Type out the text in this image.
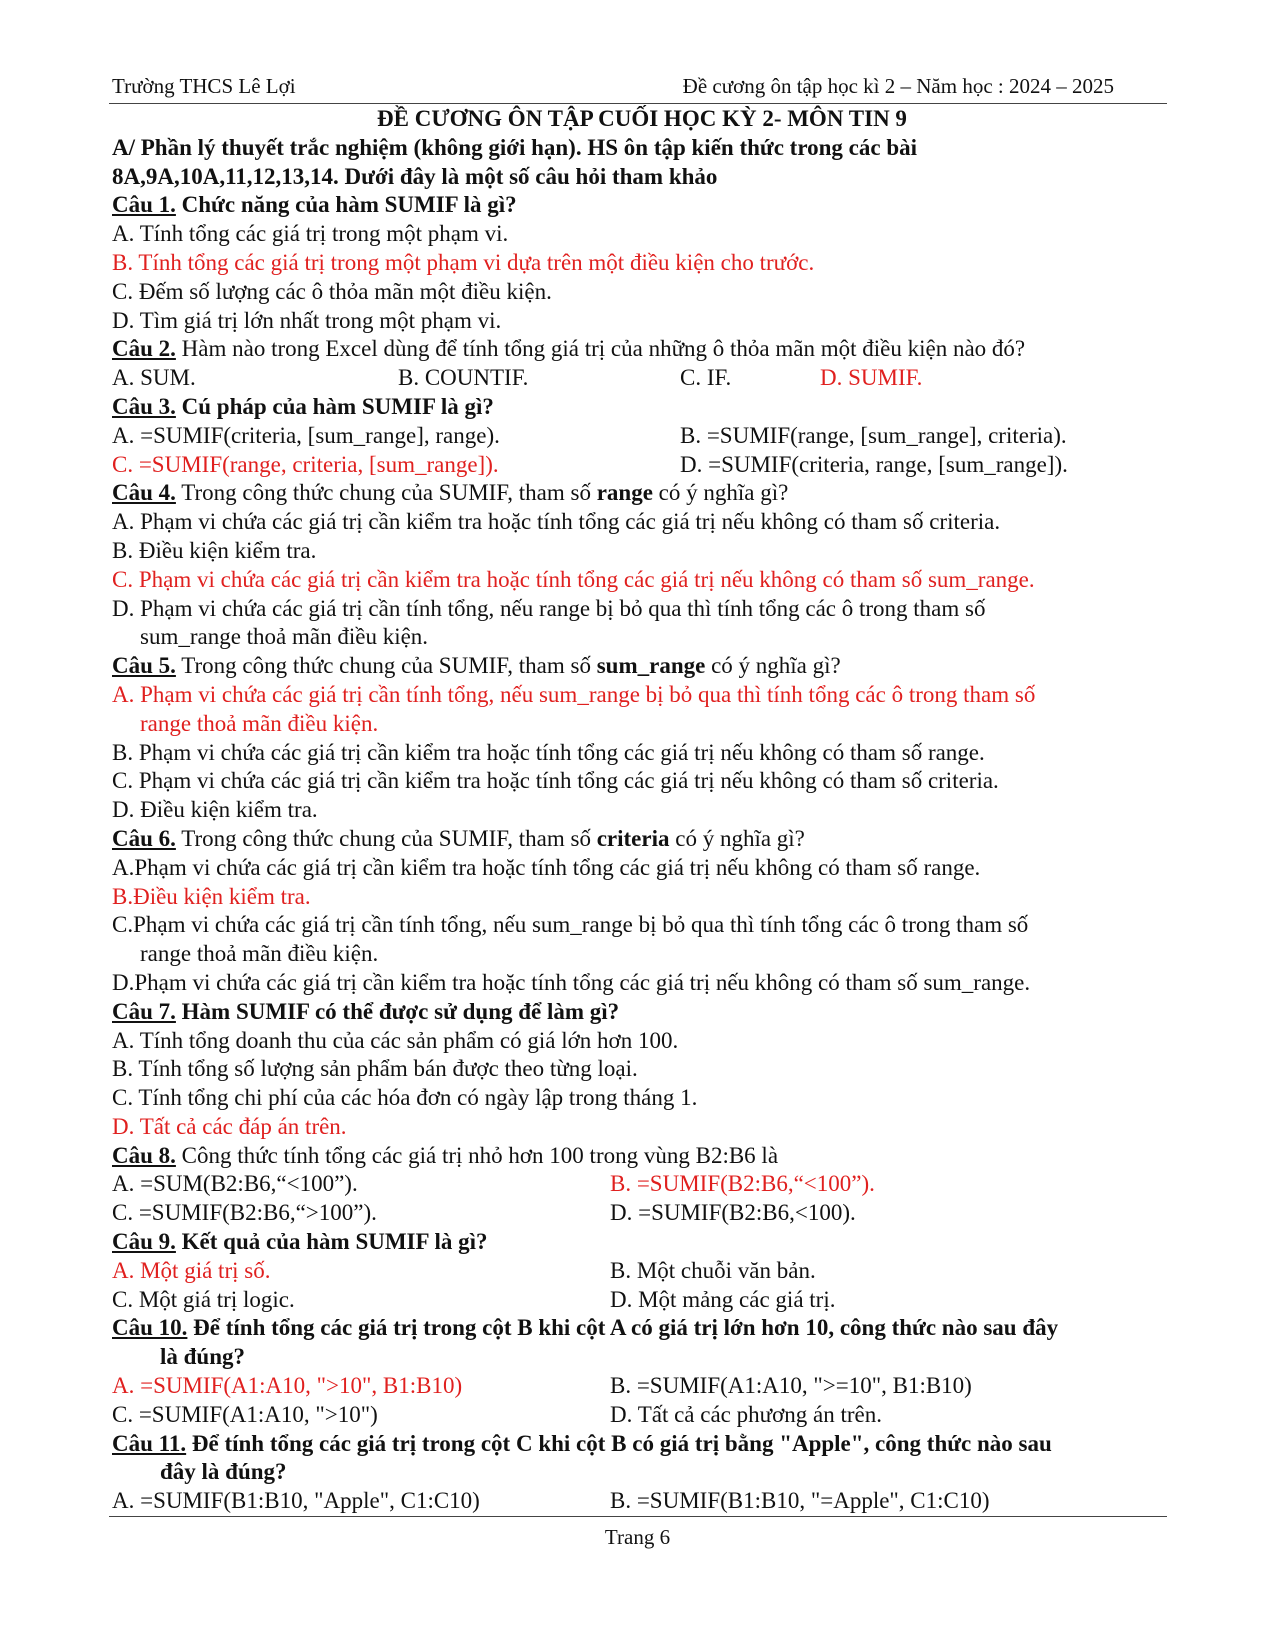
Trường THCS Lê Lợi	Đề cương ôn tập học kì 2 – Năm học : 2024 – 2025
ĐỀ CƯƠNG ÔN TẬP CUỐI HỌC KỲ 2- MÔN TIN 9
A/ Phần lý thuyết trắc nghiệm (không giới hạn). HS ôn tập kiến thức trong các bài
8A,9A,10A,11,12,13,14. Dưới đây là một số câu hỏi tham khảo
Câu 1. Chức năng của hàm SUMIF là gì?
A. Tính tổng các giá trị trong một phạm vi.
B. Tính tổng các giá trị trong một phạm vi dựa trên một điều kiện cho trước.
C. Đếm số lượng các ô thỏa mãn một điều kiện.
D. Tìm giá trị lớn nhất trong một phạm vi.
Câu 2. Hàm nào trong Excel dùng để tính tổng giá trị của những ô thỏa mãn một điều kiện nào đó?
A. SUM.	B. COUNTIF.	C. IF.	D. SUMIF.
Câu 3. Cú pháp của hàm SUMIF là gì?
A. =SUMIF(criteria, [sum_range], range).	B. =SUMIF(range, [sum_range], criteria).
C. =SUMIF(range, criteria, [sum_range]).	D. =SUMIF(criteria, range, [sum_range]).
Câu 4. Trong công thức chung của SUMIF, tham số range có ý nghĩa gì?
A. Phạm vi chứa các giá trị cần kiểm tra hoặc tính tổng các giá trị nếu không có tham số criteria.
B. Điều kiện kiểm tra.
C. Phạm vi chứa các giá trị cần kiểm tra hoặc tính tổng các giá trị nếu không có tham số sum_range.
D. Phạm vi chứa các giá trị cần tính tổng, nếu range bị bỏ qua thì tính tổng các ô trong tham số
sum_range thoả mãn điều kiện.
Câu 5. Trong công thức chung của SUMIF, tham số sum_range có ý nghĩa gì?
A. Phạm vi chứa các giá trị cần tính tổng, nếu sum_range bị bỏ qua thì tính tổng các ô trong tham số
range thoả mãn điều kiện.
B. Phạm vi chứa các giá trị cần kiểm tra hoặc tính tổng các giá trị nếu không có tham số range.
C. Phạm vi chứa các giá trị cần kiểm tra hoặc tính tổng các giá trị nếu không có tham số criteria.
D. Điều kiện kiểm tra.
Câu 6. Trong công thức chung của SUMIF, tham số criteria có ý nghĩa gì?
A.Phạm vi chứa các giá trị cần kiểm tra hoặc tính tổng các giá trị nếu không có tham số range.
B.Điều kiện kiểm tra.
C.Phạm vi chứa các giá trị cần tính tổng, nếu sum_range bị bỏ qua thì tính tổng các ô trong tham số
range thoả mãn điều kiện.
D.Phạm vi chứa các giá trị cần kiểm tra hoặc tính tổng các giá trị nếu không có tham số sum_range.
Câu 7. Hàm SUMIF có thể được sử dụng để làm gì?
A. Tính tổng doanh thu của các sản phẩm có giá lớn hơn 100.
B. Tính tổng số lượng sản phẩm bán được theo từng loại.
C. Tính tổng chi phí của các hóa đơn có ngày lập trong tháng 1.
D. Tất cả các đáp án trên.
Câu 8. Công thức tính tổng các giá trị nhỏ hơn 100 trong vùng B2:B6 là
A. =SUM(B2:B6,“<100”).	B. =SUMIF(B2:B6,“<100”).
C. =SUMIF(B2:B6,“>100”).	D. =SUMIF(B2:B6,<100).
Câu 9. Kết quả của hàm SUMIF là gì?
A. Một giá trị số.	B. Một chuỗi văn bản.
C. Một giá trị logic.	D. Một mảng các giá trị.
Câu 10. Để tính tổng các giá trị trong cột B khi cột A có giá trị lớn hơn 10, công thức nào sau đây
là đúng?
A. =SUMIF(A1:A10, ">10", B1:B10)	B. =SUMIF(A1:A10, ">=10", B1:B10)
C. =SUMIF(A1:A10, ">10")	D. Tất cả các phương án trên.
Câu 11. Để tính tổng các giá trị trong cột C khi cột B có giá trị bằng "Apple", công thức nào sau
đây là đúng?
A. =SUMIF(B1:B10, "Apple", C1:C10)	B. =SUMIF(B1:B10, "=Apple", C1:C10)
Trang 6
